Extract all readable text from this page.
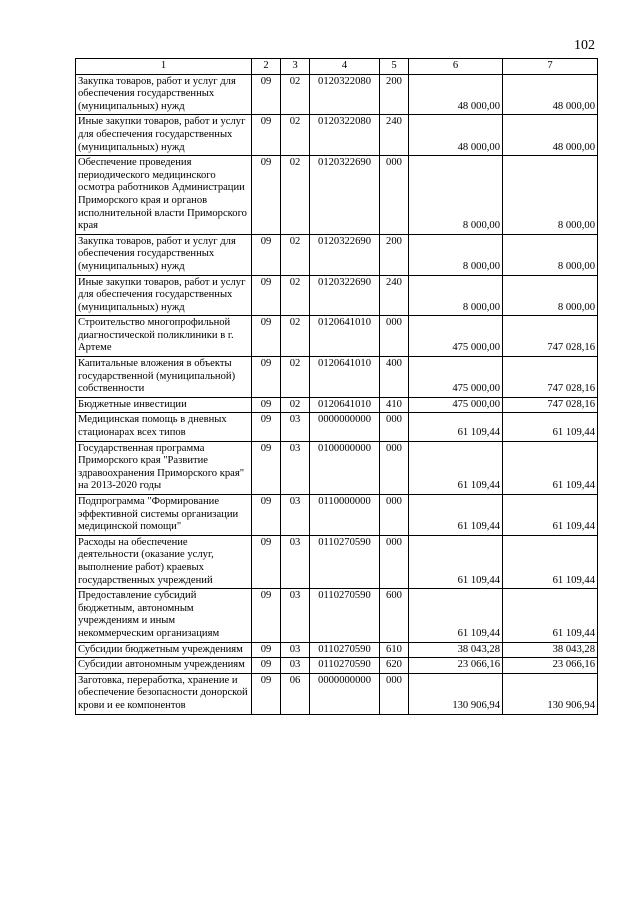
102
1	2	3	4	5	6	7
Закупка товаров, работ и услуг для обеспечения государственных (муниципальных) нужд	09	02	0120322080	200	48 000,00	48 000,00
Иные закупки товаров, работ и услуг для обеспечения государственных (муниципальных) нужд	09	02	0120322080	240	48 000,00	48 000,00
Обеспечение проведения периодического медицинского осмотра работников Администрации Приморского края и органов исполнительной власти Приморского края	09	02	0120322690	000	8 000,00	8 000,00
Закупка товаров, работ и услуг для обеспечения государственных (муниципальных) нужд	09	02	0120322690	200	8 000,00	8 000,00
Иные закупки товаров, работ и услуг для обеспечения государственных (муниципальных) нужд	09	02	0120322690	240	8 000,00	8 000,00
Строительство многопрофильной диагностической поликлиники в г. Артеме	09	02	0120641010	000	475 000,00	747 028,16
Капитальные вложения в объекты государственной (муниципальной) собственности	09	02	0120641010	400	475 000,00	747 028,16
Бюджетные инвестиции	09	02	0120641010	410	475 000,00	747 028,16
Медицинская помощь в дневных стационарах всех типов	09	03	0000000000	000	61 109,44	61 109,44
Государственная программа Приморского края "Развитие здравоохранения Приморского края" на 2013-2020 годы	09	03	0100000000	000	61 109,44	61 109,44
Подпрограмма "Формирование эффективной системы организации медицинской помощи"	09	03	0110000000	000	61 109,44	61 109,44
Расходы на обеспечение деятельности (оказание услуг, выполнение работ) краевых государственных учреждений	09	03	0110270590	000	61 109,44	61 109,44
Предоставление субсидий бюджетным, автономным учреждениям и иным некоммерческим организациям	09	03	0110270590	600	61 109,44	61 109,44
Субсидии бюджетным учреждениям	09	03	0110270590	610	38 043,28	38 043,28
Субсидии автономным учреждениям	09	03	0110270590	620	23 066,16	23 066,16
Заготовка, переработка, хранение и обеспечение безопасности донорской крови и ее компонентов	09	06	0000000000	000	130 906,94	130 906,94
